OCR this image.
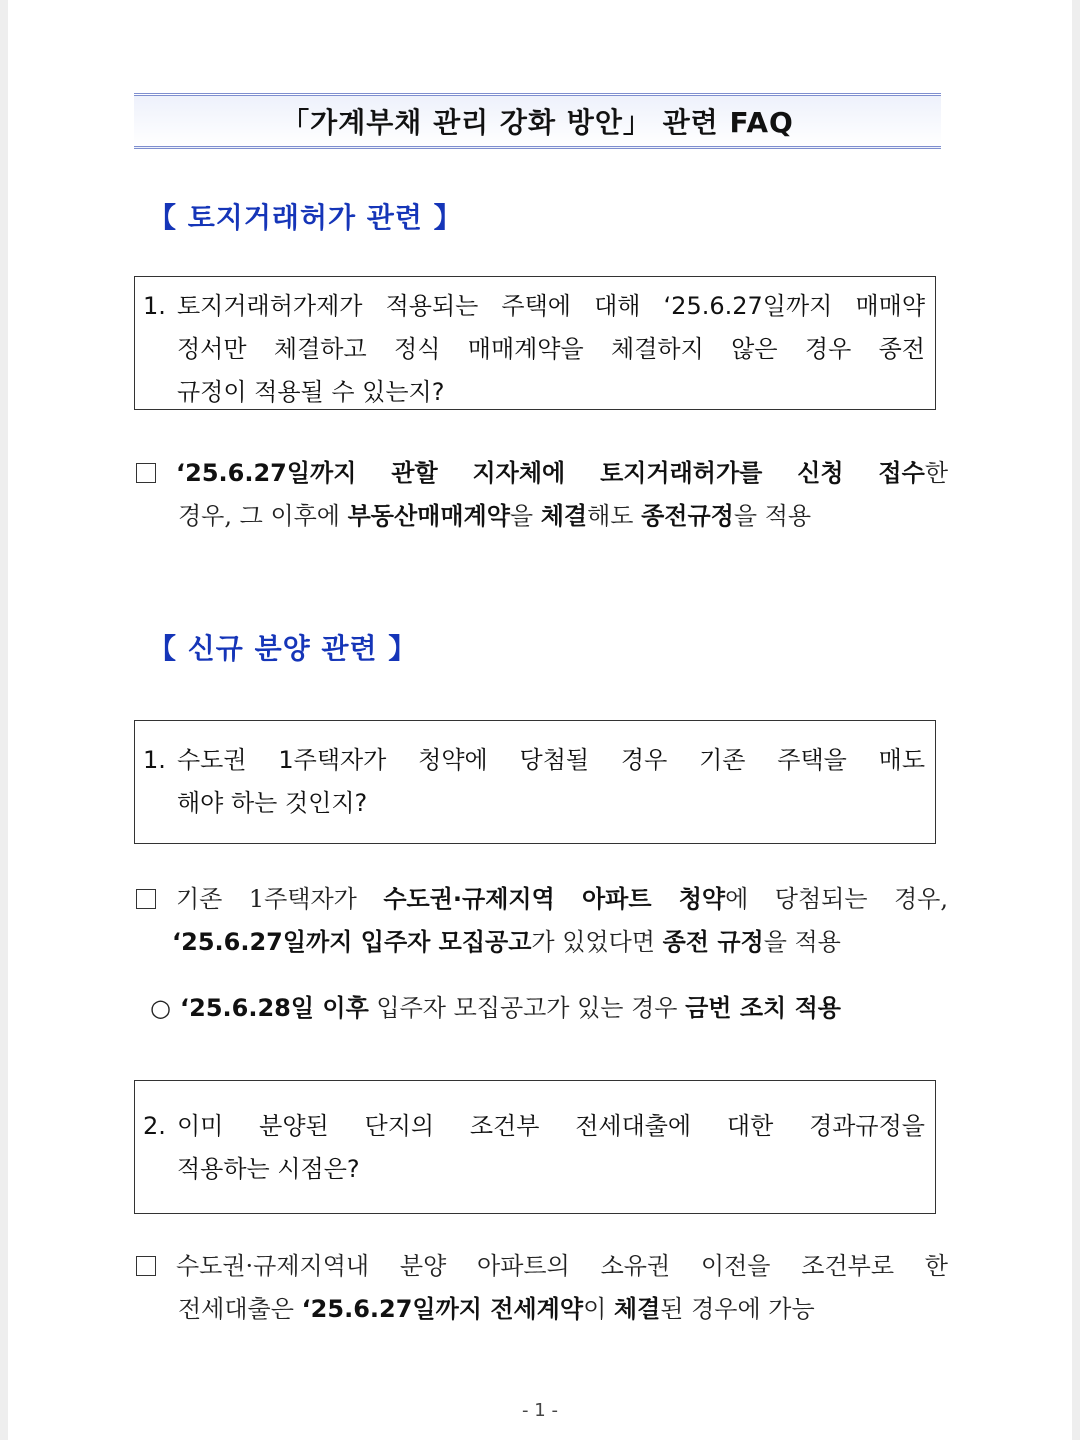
「가계부채 관리 강화 방안」 관련 FAQ
【 토지거래허가 관련 】
1. 토지거래허가제가 적용되는 주택에 대해 ‘25.6.27일까지 매매약
정서만 체결하고 정식 매매계약을 체결하지 않은 경우 종전
규정이 적용될 수 있는지?
‘25.6.27일까지 관할 지자체에 토지거래허가를 신청 접수한
경우, 그 이후에 부동산매매계약을 체결해도 종전규정을 적용
【 신규 분양 관련 】
1. 수도권 1주택자가 청약에 당첨될 경우 기존 주택을 매도
해야 하는 것인지?
기존 1주택자가 수도권·규제지역 아파트 청약에 당첨되는 경우,
‘25.6.27일까지 입주자 모집공고가 있었다면 종전 규정을 적용
○ ‘25.6.28일 이후 입주자 모집공고가 있는 경우 금번 조치 적용
2. 이미 분양된 단지의 조건부 전세대출에 대한 경과규정을
적용하는 시점은?
수도권·규제지역내 분양 아파트의 소유권 이전을 조건부로 한
전세대출은 ‘25.6.27일까지 전세계약이 체결된 경우에 가능
- 1 -
